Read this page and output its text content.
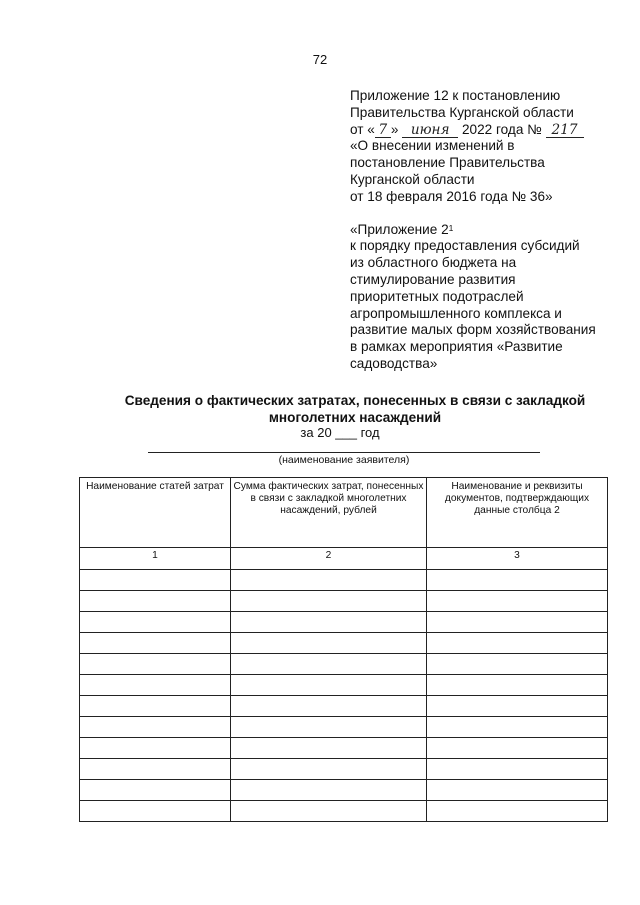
72
Приложение 12 к постановлению
Правительства Курганской области
от « 7 » июня 2022 года № 217
«О внесении изменений в
постановление Правительства
Курганской области
от 18 февраля 2016 года № 36»
«Приложение $2^1$
к порядку предоставления субсидий
из областного бюджета на
стимулирование развития
приоритетных подотраслей
агропромышленного комплекса и
развитие малых форм хозяйствования
в рамках мероприятия «Развитие
садоводства»
Сведения о фактических затратах, понесенных в связи с закладкой
многолетних насаждений
за 20 ___ год
(наименование заявителя)
Наименование статей затрат	Сумма фактических затрат, понесенных в связи с закладкой многолетних насаждений, рублей	Наименование и реквизиты документов, подтверждающих данные столбца 2
1	2	3
